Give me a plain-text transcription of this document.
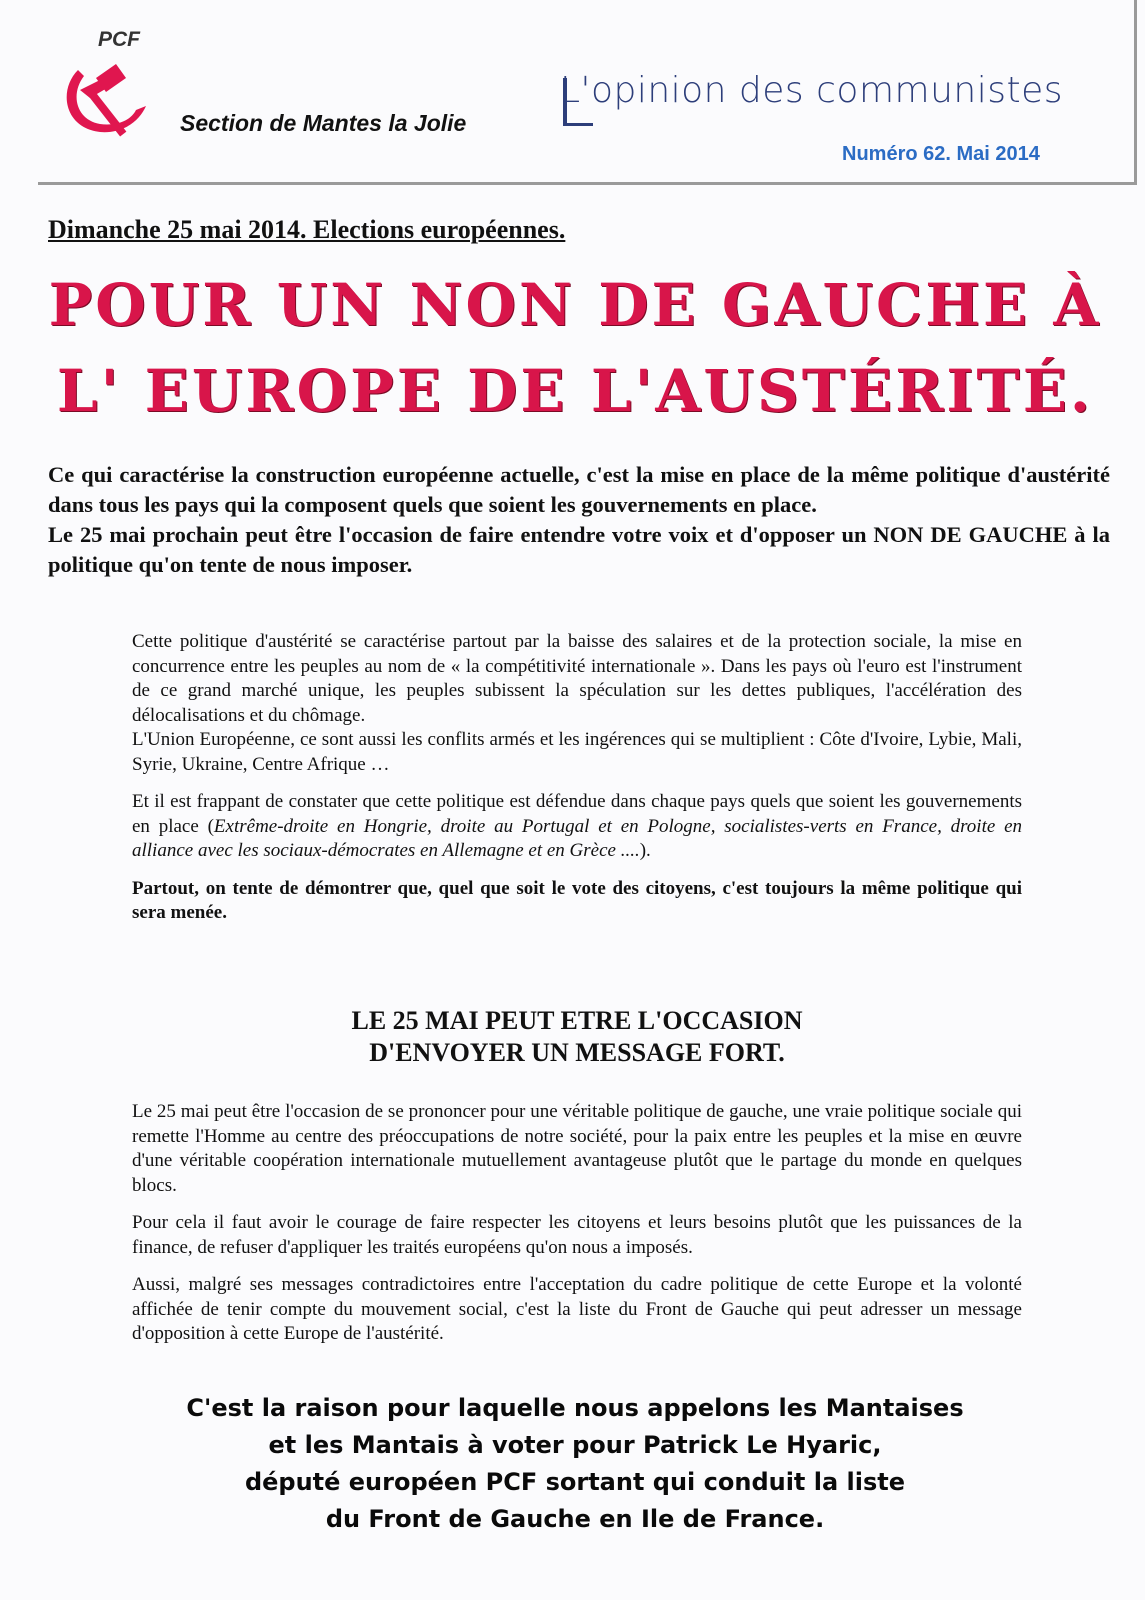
PCF
Section de Mantes la Jolie
L'opinion des communistes
Numéro 62. Mai 2014
Dimanche 25 mai 2014. Elections européennes.
POUR UN NON DE GAUCHE À
L' EUROPE DE L'AUSTÉRITÉ.

Ce qui caractérise la construction européenne actuelle, c'est la mise en place de la même politique d'austérité dans tous les pays qui la composent quels que soient les gouvernements en place.

Le 25 mai prochain peut être l'occasion de faire entendre votre voix et d'opposer un NON DE GAUCHE à la politique qu'on tente de nous imposer.

Cette politique d'austérité se caractérise partout par la baisse des salaires et de la protection sociale, la mise en concurrence entre les peuples au nom de « la compétitivité internationale ». Dans les pays où l'euro est l'instrument de ce grand marché unique, les peuples subissent la spéculation sur les dettes publiques, l'accélération des délocalisations et du chômage.

L'Union Européenne, ce sont aussi les conflits armés et les ingérences qui se multiplient : Côte d'Ivoire, Lybie, Mali, Syrie, Ukraine, Centre Afrique …

Et il est frappant de constater que cette politique est défendue dans chaque pays quels que soient les gouvernements en place (Extrême-droite en Hongrie, droite au Portugal et en Pologne, socialistes-verts en France, droite en alliance avec les sociaux-démocrates en Allemagne et en Grèce ....).

Partout, on tente de démontrer que, quel que soit le vote des citoyens, c'est toujours la même politique qui sera menée.

LE 25 MAI PEUT ETRE L'OCCASION
D'ENVOYER UN MESSAGE FORT.

Le 25 mai peut être l'occasion de se prononcer pour une véritable politique de gauche, une vraie politique sociale qui remette l'Homme au centre des préoccupations de notre société, pour la paix entre les peuples et la mise en œuvre d'une véritable coopération internationale mutuellement avantageuse plutôt que le partage du monde en quelques blocs.

Pour cela il faut avoir le courage de faire respecter les citoyens et leurs besoins plutôt que les puissances de la finance, de refuser d'appliquer les traités européens qu'on nous a imposés.

Aussi, malgré ses messages contradictoires entre l'acceptation du cadre politique de cette Europe et la volonté affichée de tenir compte du mouvement social, c'est la liste du Front de Gauche qui peut adresser un message d'opposition à cette Europe de l'austérité.

C'est la raison pour laquelle nous appelons les Mantaises
et les Mantais à voter pour Patrick Le Hyaric,
député européen PCF sortant qui conduit la liste
du Front de Gauche en Ile de France.
